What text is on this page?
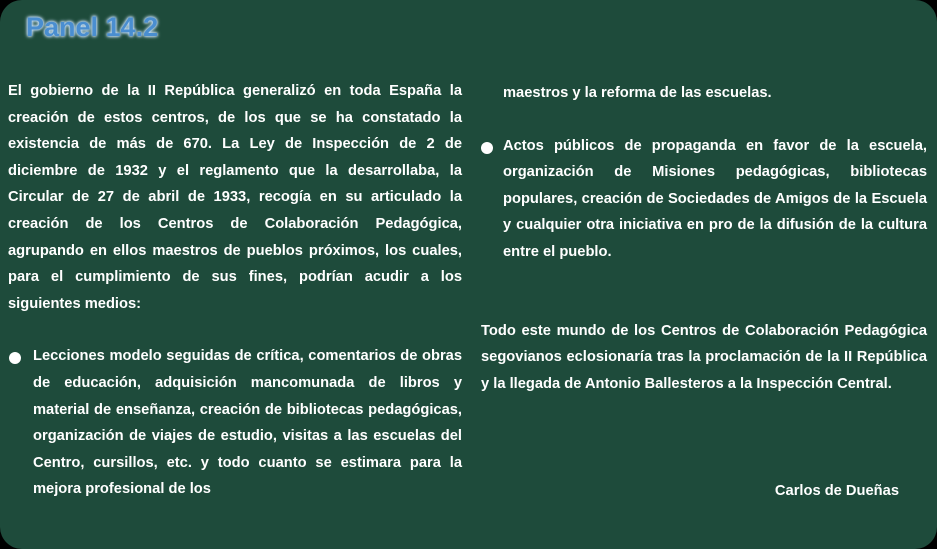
Panel 14.2

El gobierno de la II República generalizó en toda España la creación de estos centros, de los que se ha constatado la existencia de más de 670. La Ley de Inspección de 2 de diciembre de 1932 y el reglamento que la desarrollaba, la Circular de 27 de abril de 1933, recogía en su articulado la creación de los Centros de Colaboración Pedagógica, agrupando en ellos maestros de pueblos próximos, los cuales, para el cumplimiento de sus fines, podrían acudir a los siguientes medios:

Lecciones modelo seguidas de crítica, comentarios de obras de educación, adquisición mancomunada de libros y material de enseñanza, creación de bibliotecas pedagógicas, organización de viajes de estudio, visitas a las escuelas del Centro, cursillos, etc. y todo cuanto se estimara para la mejora profesional de los

maestros y la reforma de las escuelas.

Actos públicos de propaganda en favor de la escuela, organización de Misiones pedagógicas, bibliotecas populares, creación de Sociedades de Amigos de la Escuela y cualquier otra iniciativa en pro de la difusión de la cultura entre el pueblo.

Todo este mundo de los Centros de Colaboración Pedagógica segovianos eclosionaría tras la proclamación de la II República y la llegada de Antonio Ballesteros a la Inspección Central.

Carlos de Dueñas
